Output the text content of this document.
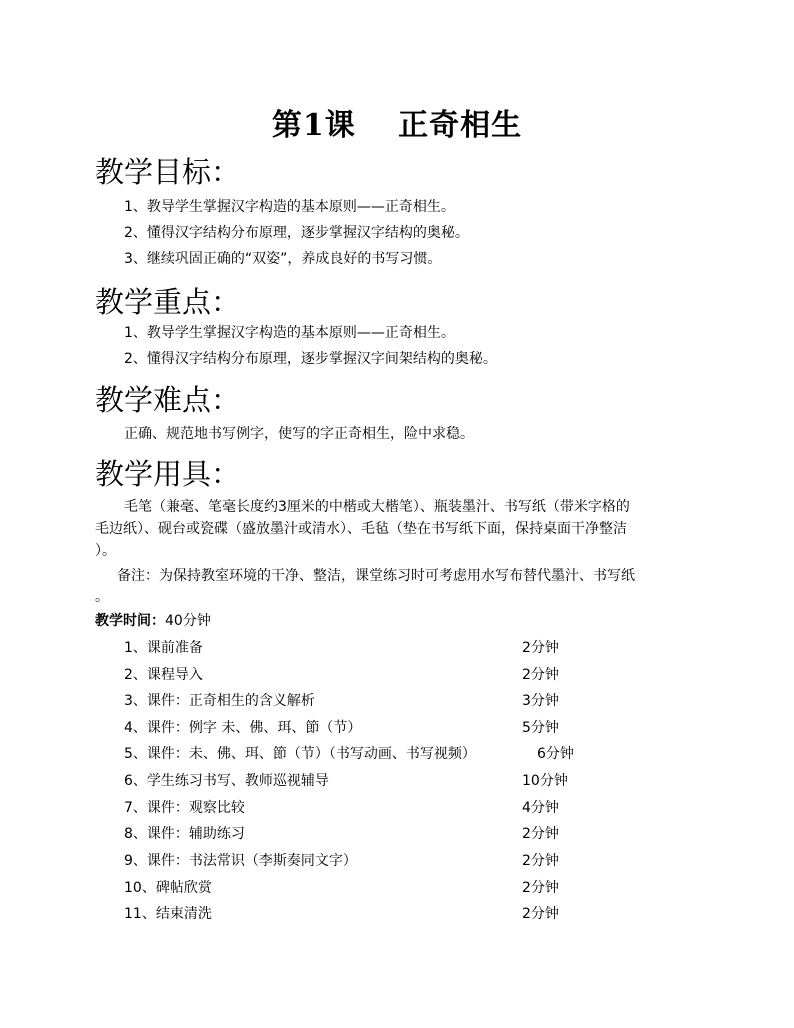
第1课　 正奇相生
教学目标：
1、教导学生掌握汉字构造的基本原则——正奇相生。
2、懂得汉字结构分布原理，逐步掌握汉字结构的奥秘。
3、继续巩固正确的“双姿”，养成良好的书写习惯。
教学重点：
1、教导学生掌握汉字构造的基本原则——正奇相生。
2、懂得汉字结构分布原理，逐步掌握汉字间架结构的奥秘。
教学难点：
正确、规范地书写例字，使写的字正奇相生，险中求稳。
教学用具：
毛笔（兼毫、笔毫长度约3厘米的中楷或大楷笔）、瓶装墨汁、书写纸（带米字格的
毛边纸）、砚台或瓷碟（盛放墨汁或清水）、毛毡（垫在书写纸下面，保持桌面干净整洁
）。
备注：为保持教室环境的干净、整洁，课堂练习时可考虑用水写布替代墨汁、书写纸
。
教学时间：40分钟
1、课前准备	2分钟
2、课程导入	2分钟
3、课件：正奇相生的含义解析	3分钟
4、课件：例字 未、佛、珥、節（节）	5分钟
5、课件：未、佛、珥、節（节）（书写动画、书写视频）	6分钟
6、学生练习书写、教师巡视辅导	10分钟
7、课件：观察比较	4分钟
8、课件：辅助练习	2分钟
9、课件：书法常识（李斯奏同文字）	2分钟
10、碑帖欣赏	2分钟
11、结束清洗	2分钟
